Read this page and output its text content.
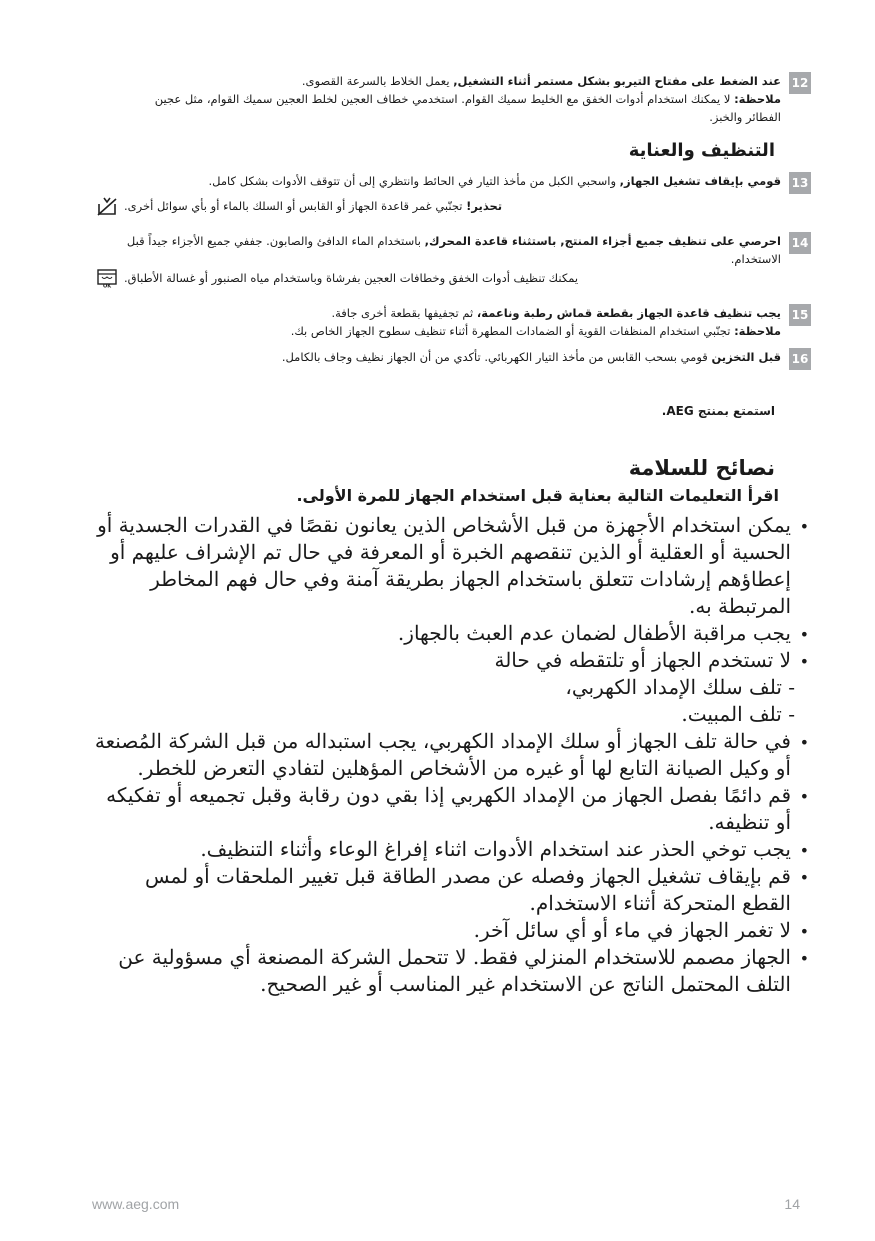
12
عند الضغط على مفتاح التيربو بشكل مستمر أثناء التشغيل, يعمل الخلاط بالسرعة القصوى.
ملاحظة: لا يمكنك استخدام أدوات الخفق مع الخليط سميك القوام. استخدمي خطاف العجين لخلط العجين سميك القوام، مثل عجين
الفطائر والخبز.
التنظيف والعناية
13
قومي بإيقاف تشغيل الجهاز, واسحبي الكبل من مأخذ التيار في الحائط وانتظري إلى أن تتوقف الأدوات بشكل كامل.
تحذير! تجنّبي غمر قاعدة الجهاز أو القابس أو السلك بالماء أو بأي سوائل أخرى.
14
احرصي على تنظيف جميع أجزاء المنتج, باستثناء قاعدة المحرك, باستخدام الماء الدافئ والصابون. جففي جميع الأجزاء جيداً قبل
الاستخدام.
OK
يمكنك تنظيف أدوات الخفق وخطافات العجين بفرشاة وباستخدام مياه الصنبور أو غسالة الأطباق.
15
يجب تنظيف قاعدة الجهاز بقطعة قماش رطبة وناعمة، ثم تجفيفها بقطعة أخرى جافة.
ملاحظة: تجنّبي استخدام المنظفات القوية أو الضمادات المطهرة أثناء تنظيف سطوح الجهاز الخاص بك.
16
قبل التخزين قومي بسحب القابس من مأخذ التيار الكهربائي. تأكدي من أن الجهاز نظيف وجاف بالكامل.
استمتع بمنتج AEG.
نصائح للسلامة
اقرأ التعليمات التالية بعناية قبل استخدام الجهاز للمرة الأولى.
• يمكن استخدام الأجهزة من قبل الأشخاص الذين يعانون نقصًا في القدرات الجسدية أو الحسية أو العقلية أو الذين تنقصهم الخبرة أو المعرفة في حال تم الإشراف عليهم أو إعطاؤهم إرشادات تتعلق باستخدام الجهاز بطريقة آمنة وفي حال فهم المخاطر المرتبطة به.
• يجب مراقبة الأطفال لضمان عدم العبث بالجهاز.
• لا تستخدم الجهاز أو تلتقطه في حالة
- تلف سلك الإمداد الكهربي،
- تلف المبيت.
• في حالة تلف الجهاز أو سلك الإمداد الكهربي، يجب استبداله من قبل الشركة المُصنعة أو وكيل الصيانة التابع لها أو غيره من الأشخاص المؤهلين لتفادي التعرض للخطر.
• قم دائمًا بفصل الجهاز من الإمداد الكهربي إذا بقي دون رقابة وقبل تجميعه أو تفكيكه أو تنظيفه.
• يجب توخي الحذر عند استخدام الأدوات اثناء إفراغ الوعاء وأثناء التنظيف.
• قم بإيقاف تشغيل الجهاز وفصله عن مصدر الطاقة قبل تغيير الملحقات أو لمس القطع المتحركة أثناء الاستخدام.
• لا تغمر الجهاز في ماء أو أي سائل آخر.
• الجهاز مصمم للاستخدام المنزلي فقط. لا تتحمل الشركة المصنعة أي مسؤولية عن التلف المحتمل الناتج عن الاستخدام غير المناسب أو غير الصحيح.
www.aeg.com	14
